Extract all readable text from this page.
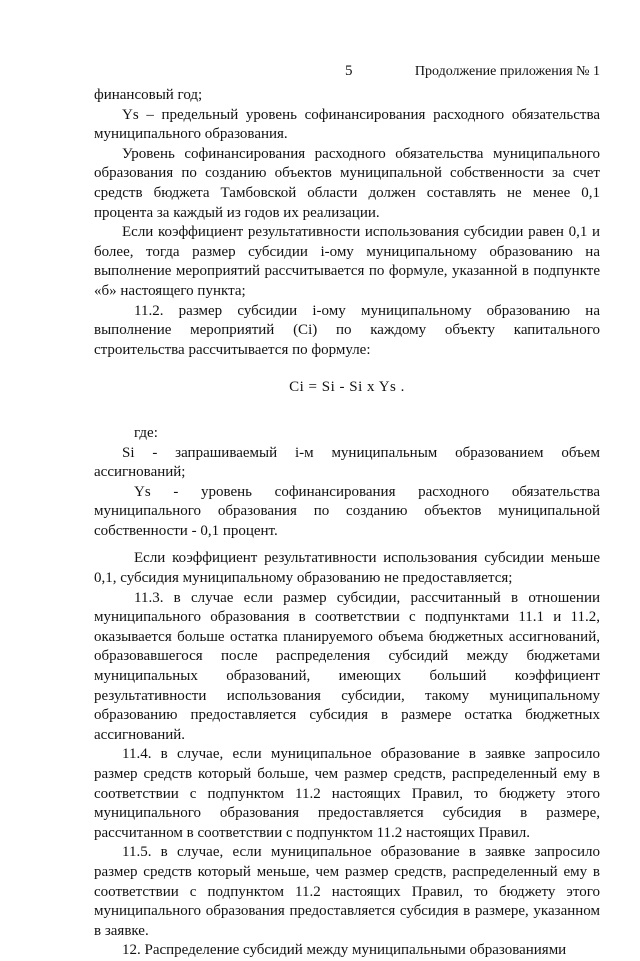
5	Продолжение приложения № 1

финансовый год;

Ys – предельный уровень софинансирования расходного обязательства муниципального образования.

Уровень софинансирования расходного обязательства муниципального образования по созданию объектов муниципальной собственности за счет средств бюджета Тамбовской области должен составлять не менее 0,1 процента за каждый из годов их реализации.

Если коэффициент результативности использования субсидии равен 0,1 и более, тогда размер субсидии i-ому муниципальному образованию на выполнение мероприятий рассчитывается по формуле, указанной в подпункте «б» настоящего пункта;

11.2. размер субсидии i-ому муниципальному образованию на выполнение мероприятий (Ci) по каждому объекту капитального строительства рассчитывается по формуле:

Ci = Si - Si x Ys .

где:

Si - запрашиваемый i-м муниципальным образованием объем ассигнований;

Ys - уровень софинансирования расходного обязательства муниципального образования по созданию объектов муниципальной собственности - 0,1 процент.

Если коэффициент результативности использования субсидии меньше 0,1, субсидия муниципальному образованию не предоставляется;

11.3. в случае если размер субсидии, рассчитанный в отношении муниципального образования в соответствии с подпунктами 11.1 и 11.2, оказывается больше остатка планируемого объема бюджетных ассигнований, образовавшегося после распределения субсидий между бюджетами муниципальных образований, имеющих больший коэффициент результативности использования субсидии, такому муниципальному образованию предоставляется субсидия в размере остатка бюджетных ассигнований.

11.4. в случае, если муниципальное образование в заявке запросило размер средств который больше, чем размер средств, распределенный ему в соответствии с подпунктом 11.2 настоящих Правил, то бюджету этого муниципального образования предоставляется субсидия в размере, рассчитанном в соответствии с подпунктом 11.2 настоящих Правил.

11.5. в случае, если муниципальное образование в заявке запросило размер средств который меньше, чем размер средств, распределенный ему в соответствии с подпунктом 11.2 настоящих Правил, то бюджету этого муниципального образования предоставляется субсидия в размере, указанном в заявке.

12. Распределение субсидий между муниципальными образованиями
